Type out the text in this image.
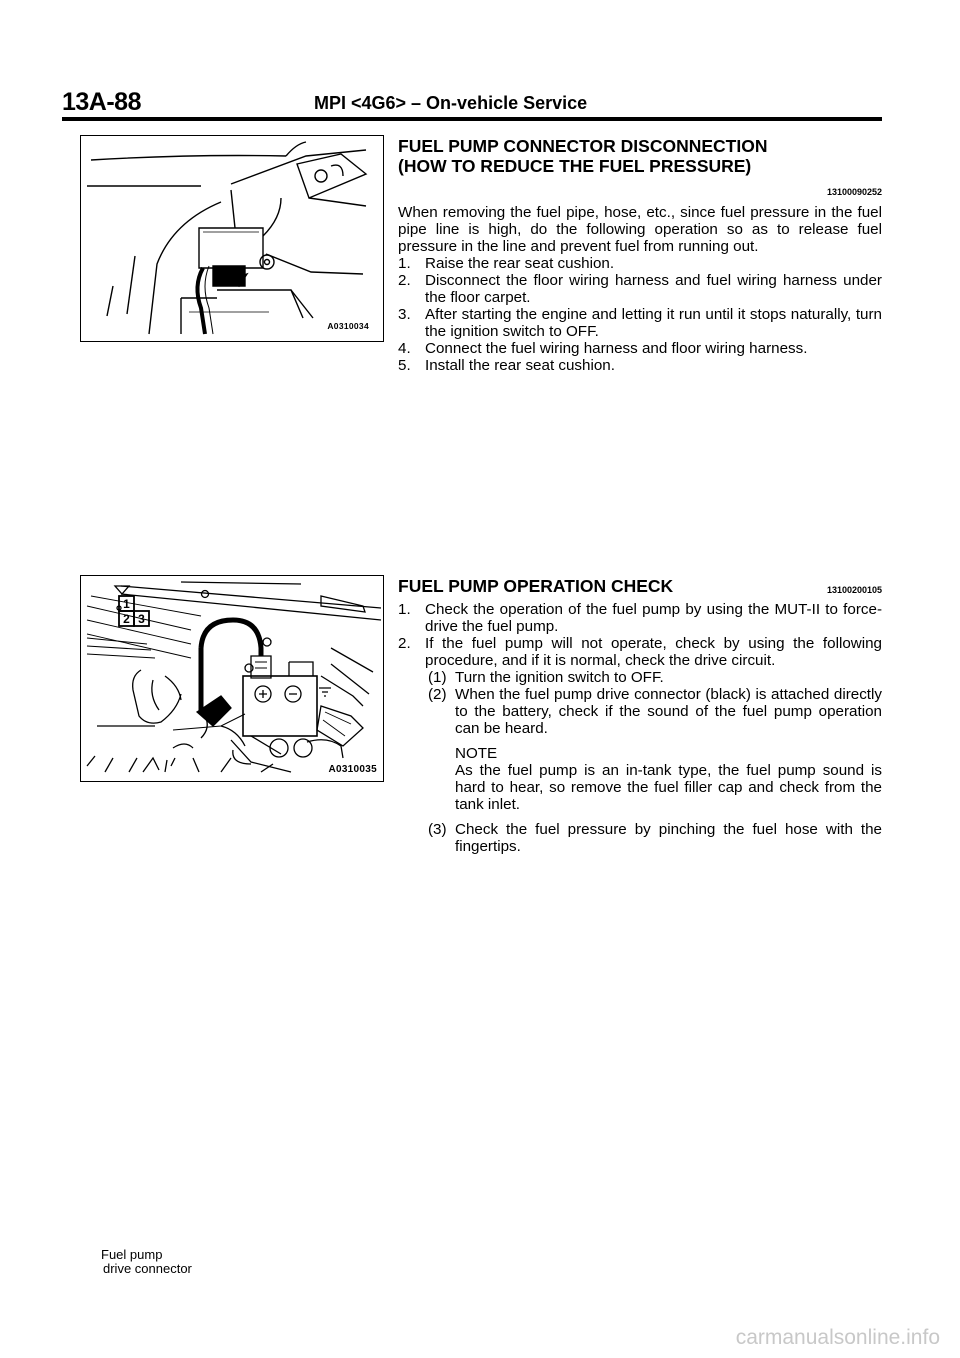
13A-88	MPI <4G6> – On-vehicle Service
A0310034
1
2 3
Fuel pump
drive connector
A0310035
FUEL PUMP CONNECTOR DISCONNECTION
(HOW TO REDUCE THE FUEL PRESSURE)
13100090252
When removing the fuel pipe, hose, etc., since fuel pressure in the fuel pipe line is high, do the following operation so as to release fuel pressure in the line and prevent fuel from running out.
1. Raise the rear seat cushion.
2. Disconnect the floor wiring harness and fuel wiring harness under the floor carpet.
3. After starting the engine and letting it run until it stops naturally, turn the ignition switch to OFF.
4. Connect the fuel wiring harness and floor wiring harness.
5. Install the rear seat cushion.
FUEL PUMP OPERATION CHECK	13100200105
1. Check the operation of the fuel pump by using the MUT-II to force-drive the fuel pump.
2. If the fuel pump will not operate, check by using the following procedure, and if it is normal, check the drive circuit.
(1) Turn the ignition switch to OFF.
(2) When the fuel pump drive connector (black) is attached directly to the battery, check if the sound of the fuel pump operation can be heard.
NOTE
As the fuel pump is an in-tank type, the fuel pump sound is hard to hear, so remove the fuel filler cap and check from the tank inlet.
(3) Check the fuel pressure by pinching the fuel hose with the fingertips.
carmanualsonline.info
